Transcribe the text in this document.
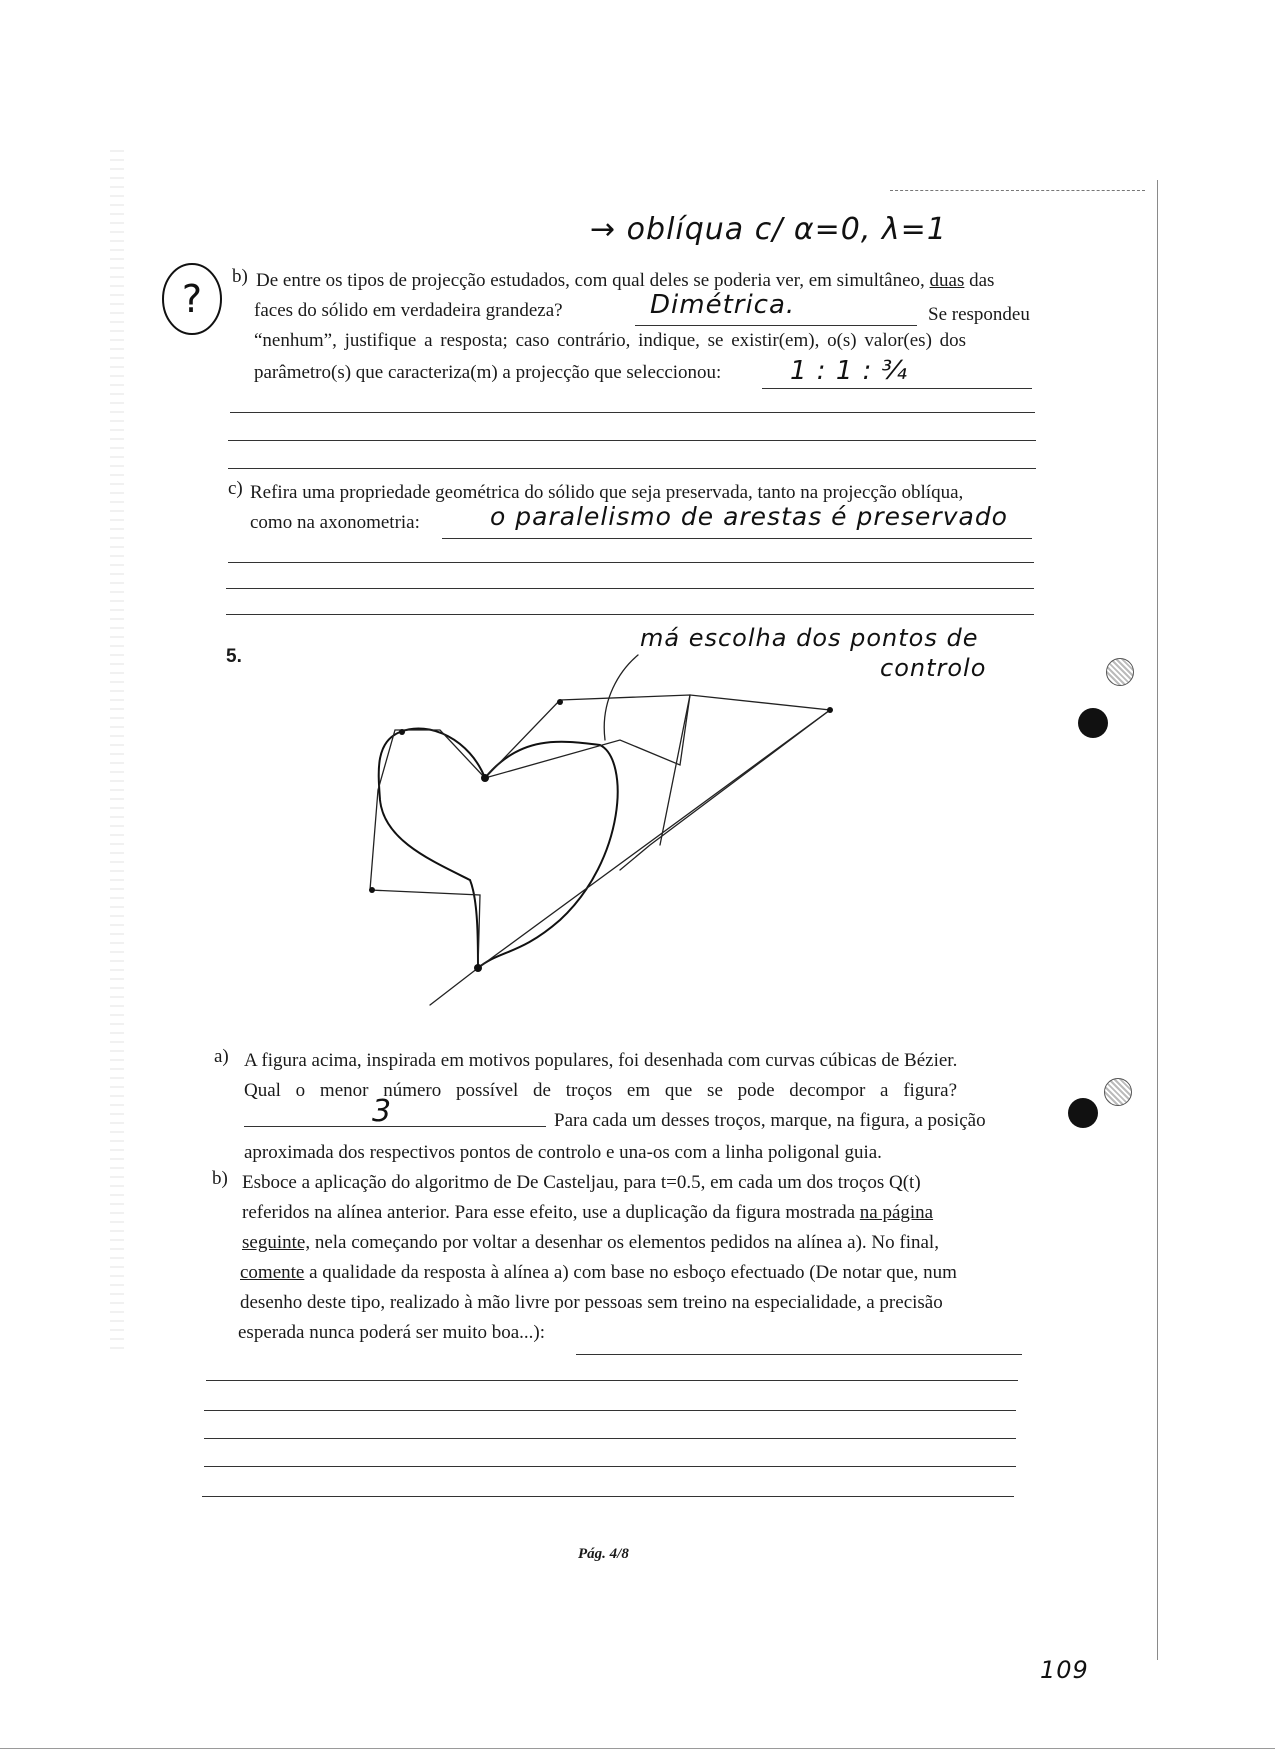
→ oblíqua c/ α=0, λ=1
?
b) De entre os tipos de projecção estudados, com qual deles se poderia ver, em simultâneo, duas das
faces do sólido em verdadeira grandeza?	Dimétrica.	Se respondeu
“nenhum”, justifique a resposta; caso contrário, indique, se existir(em), o(s) valor(es) dos
parâmetro(s) que caracteriza(m) a projecção que seleccionou:	1 : 1 : ¾
c) Refira uma propriedade geométrica do sólido que seja preservada, tanto na projecção oblíqua,
como na axonometria:	o paralelismo de arestas é preservado
5.
má escolha dos pontos de
controlo
a) A figura acima, inspirada em motivos populares, foi desenhada com curvas cúbicas de Bézier.
Qual o menor número possível de troços em que se pode decompor a figura?
3	Para cada um desses troços, marque, na figura, a posição
aproximada dos respectivos pontos de controlo e una-os com a linha poligonal guia.
b) Esboce a aplicação do algoritmo de De Casteljau, para t=0.5, em cada um dos troços Q(t)
referidos na alínea anterior. Para esse efeito, use a duplicação da figura mostrada na página
seguinte, nela começando por voltar a desenhar os elementos pedidos na alínea a). No final,
comente a qualidade da resposta à alínea a) com base no esboço efectuado (De notar que, num
desenho deste tipo, realizado à mão livre por pessoas sem treino na especialidade, a precisão
esperada nunca poderá ser muito boa...):
Pág. 4/8
109
